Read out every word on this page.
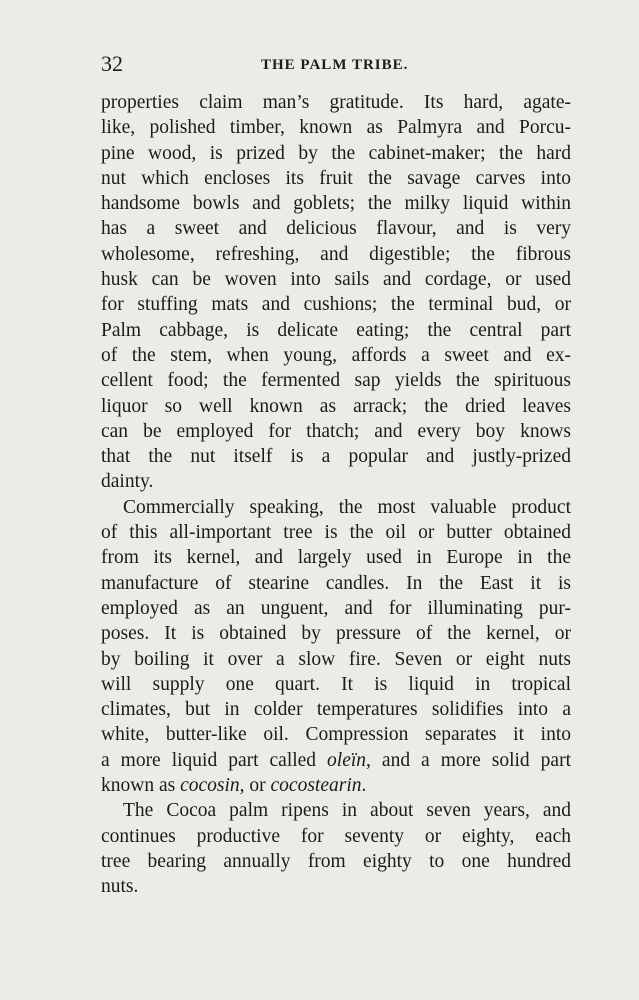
32	THE PALM TRIBE.
properties claim man’s gratitude. Its hard, agate-
like, polished timber, known as Palmyra and Porcu-
pine wood, is prized by the cabinet-maker; the hard
nut which encloses its fruit the savage carves into
handsome bowls and goblets; the milky liquid within
has a sweet and delicious flavour, and is very
wholesome, refreshing, and digestible; the fibrous
husk can be woven into sails and cordage, or used
for stuffing mats and cushions; the terminal bud, or
Palm cabbage, is delicate eating; the central part
of the stem, when young, affords a sweet and ex-
cellent food; the fermented sap yields the spirituous
liquor so well known as arrack; the dried leaves
can be employed for thatch; and every boy knows
that the nut itself is a popular and justly-prized
dainty.
Commercially speaking, the most valuable product
of this all-important tree is the oil or butter obtained
from its kernel, and largely used in Europe in the
manufacture of stearine candles. In the East it is
employed as an unguent, and for illuminating pur-
poses. It is obtained by pressure of the kernel, or
by boiling it over a slow fire. Seven or eight nuts
will supply one quart. It is liquid in tropical
climates, but in colder temperatures solidifies into a
white, butter-like oil. Compression separates it into
a more liquid part called oleïn, and a more solid part
known as cocosin, or cocostearin.
The Cocoa palm ripens in about seven years, and
continues productive for seventy or eighty, each
tree bearing annually from eighty to one hundred
nuts.
